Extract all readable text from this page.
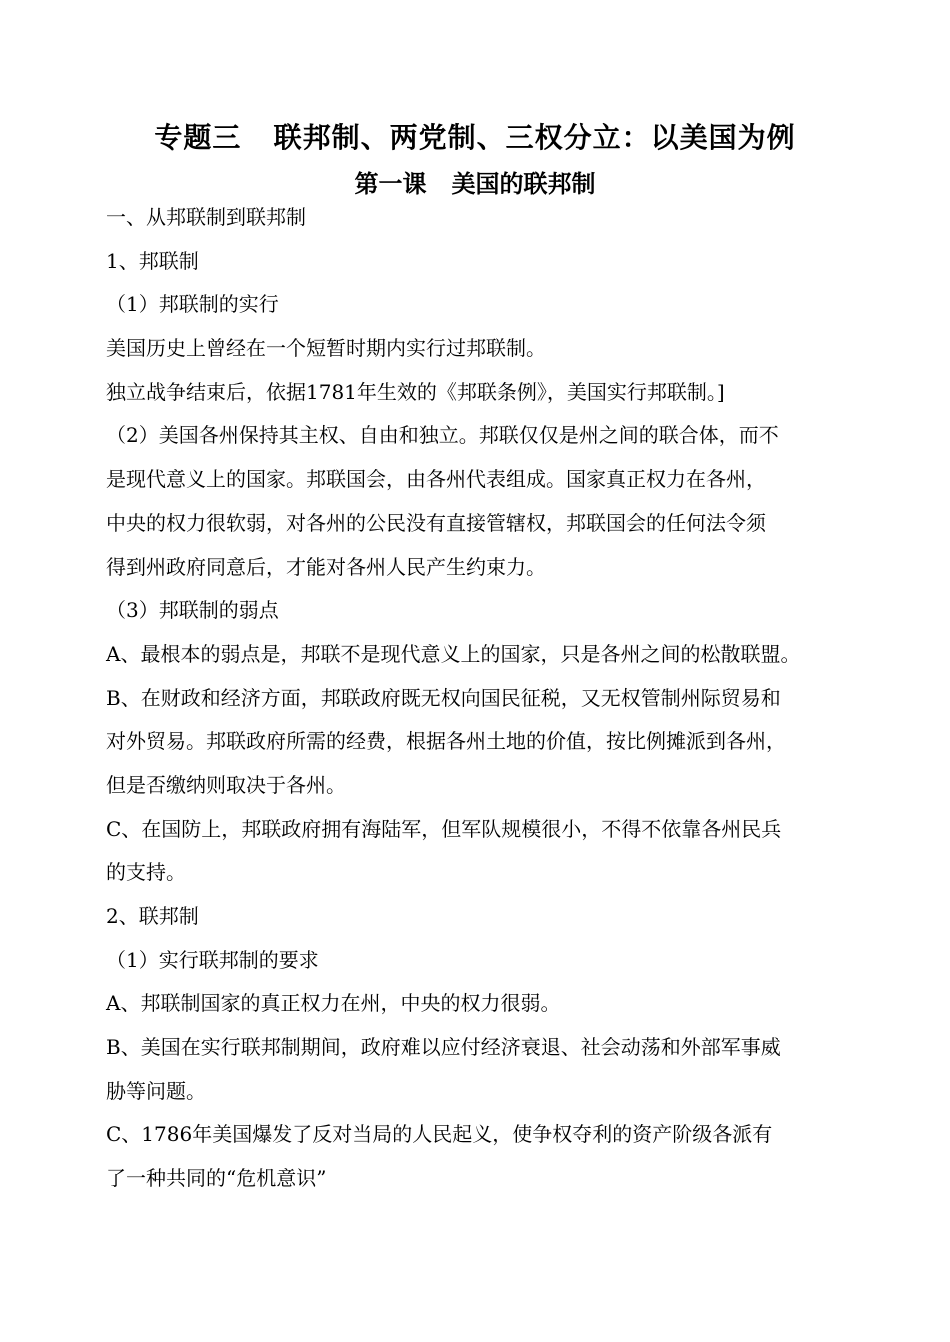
专题三   联邦制、两党制、三权分立：以美国为例
第一课   美国的联邦制
一、从邦联制到联邦制
1、邦联制
（1）邦联制的实行
美国历史上曾经在一个短暂时期内实行过邦联制。
独立战争结束后，依据1781年生效的《邦联条例》，美国实行邦联制。]
（2）美国各州保持其主权、自由和独立。邦联仅仅是州之间的联合体，而不
是现代意义上的国家。邦联国会，由各州代表组成。国家真正权力在各州，
中央的权力很软弱，对各州的公民没有直接管辖权，邦联国会的任何法令须
得到州政府同意后，才能对各州人民产生约束力。
（3）邦联制的弱点
A、最根本的弱点是，邦联不是现代意义上的国家，只是各州之间的松散联盟。
B、在财政和经济方面，邦联政府既无权向国民征税，又无权管制州际贸易和
对外贸易。邦联政府所需的经费，根据各州土地的价值，按比例摊派到各州，
但是否缴纳则取决于各州。
C、在国防上，邦联政府拥有海陆军，但军队规模很小，不得不依靠各州民兵
的支持。
2、联邦制
（1）实行联邦制的要求
A、邦联制国家的真正权力在州，中央的权力很弱。
B、美国在实行联邦制期间，政府难以应付经济衰退、社会动荡和外部军事威
胁等问题。
C、1786年美国爆发了反对当局的人民起义，使争权夺利的资产阶级各派有
了一种共同的“危机意识”
